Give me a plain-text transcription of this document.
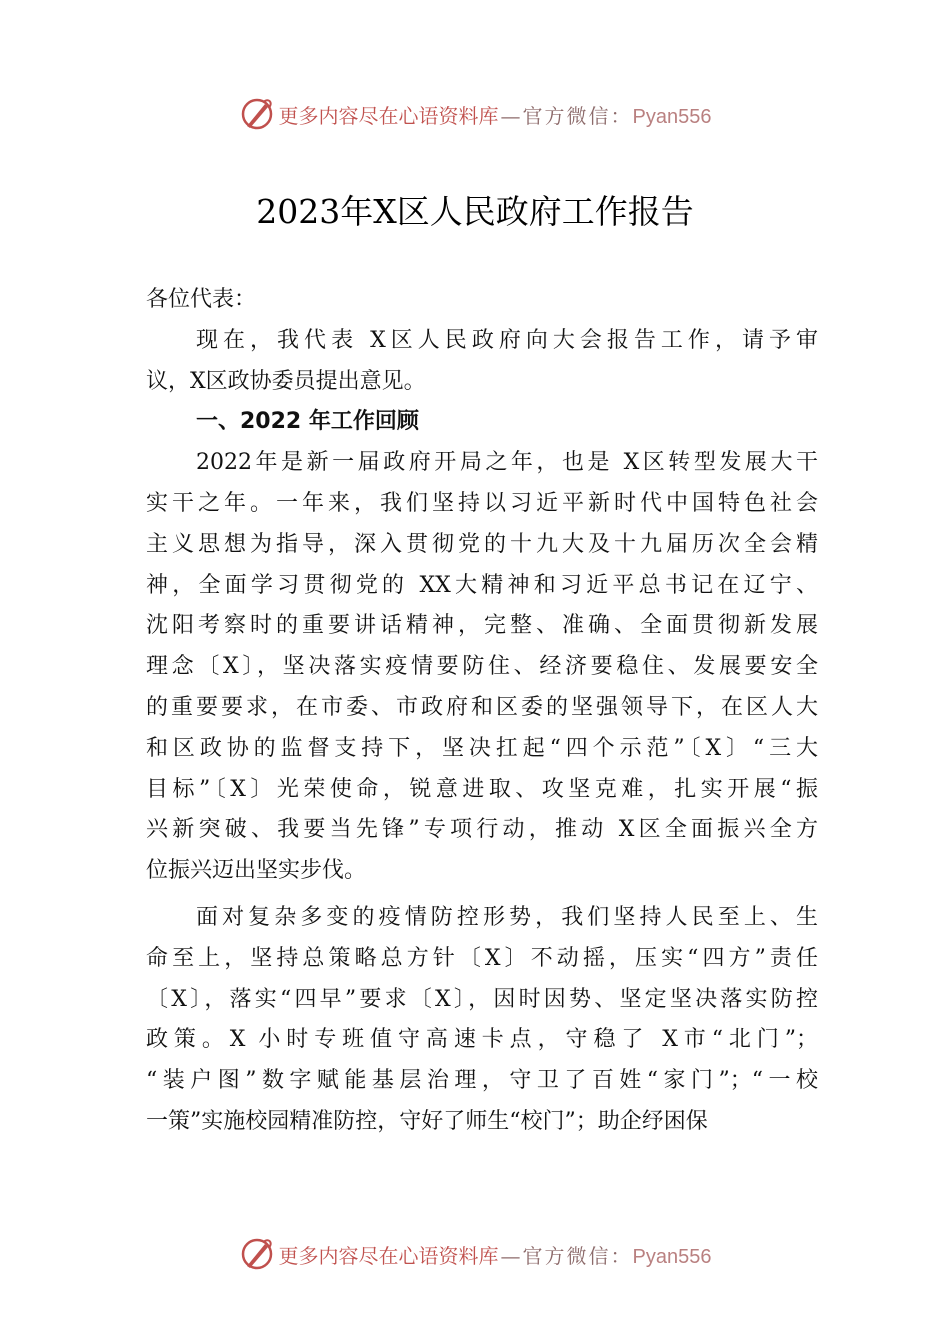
更多内容尽在心语资料库 — 官方微信：Pyan556
2023年X区人民政府工作报告
各位代表：
现在，我代表 X区人民政府向大会报告工作，请予审
议，X区政协委员提出意见。
一、2022 年工作回顾
2022年是新一届政府开局之年，也是 X区转型发展大干
实干之年。一年来，我们坚持以习近平新时代中国特色社会
主义思想为指导，深入贯彻党的十九大及十九届历次全会精
神，全面学习贯彻党的 XX大精神和习近平总书记在辽宁、
沈阳考察时的重要讲话精神，完整、准确、全面贯彻新发展
理念〔X〕，坚决落实疫情要防住、经济要稳住、发展要安全
的重要要求，在市委、市政府和区委的坚强领导下，在区人大
和区政协的监督支持下，坚决扛起“四个示范”〔X〕“三大
目标”〔X〕光荣使命，锐意进取、攻坚克难，扎实开展“振
兴新突破、我要当先锋”专项行动，推动 X区全面振兴全方
位振兴迈出坚实步伐。
面对复杂多变的疫情防控形势，我们坚持人民至上、生
命至上，坚持总策略总方针〔X〕不动摇，压实“四方”责任
〔X〕，落实“四早”要求〔X〕，因时因势、坚定坚决落实防控
政策。X 小时专班值守高速卡点，守稳了 X市“北门”；
“装户图”数字赋能基层治理，守卫了百姓“家门”；“一校
一策”实施校园精准防控，守好了师生“校门”；助企纾困保
更多内容尽在心语资料库 — 官方微信：Pyan556
